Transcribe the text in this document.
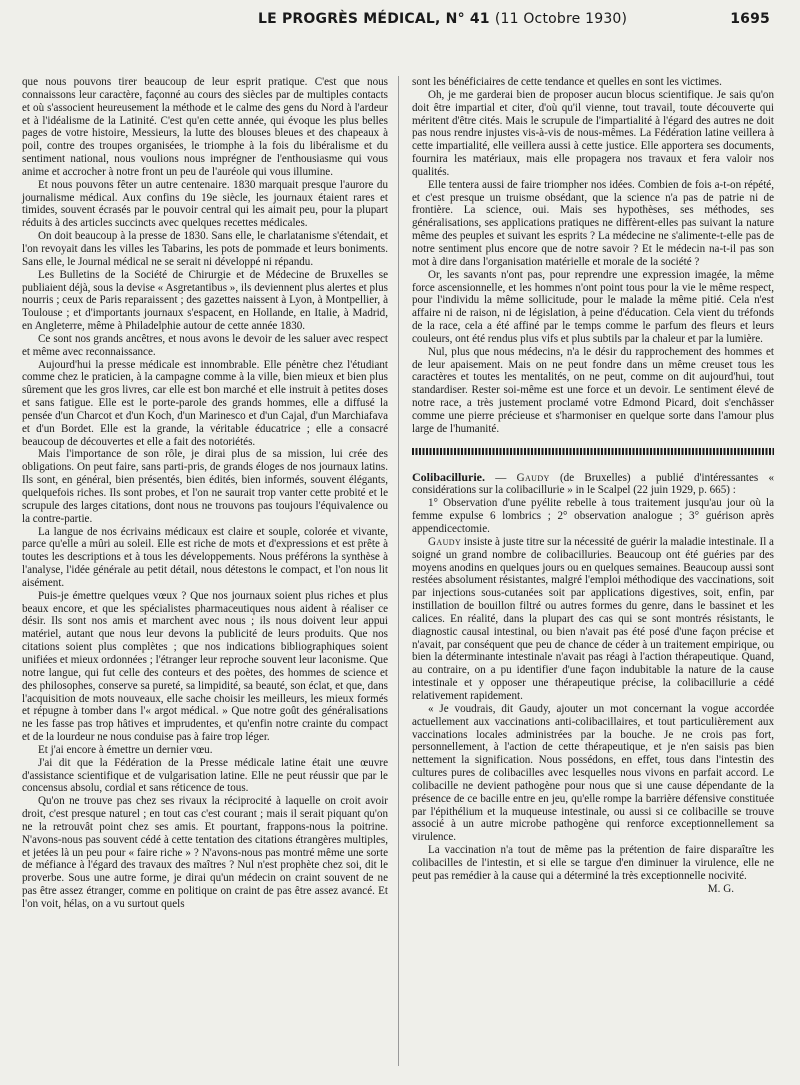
LE PROGRÈS MÉDICAL, N° 41 (11 Octobre 1930)	1695

que nous pouvons tirer beaucoup de leur esprit pratique. C'est que nous connaissons leur caractère, façonné au cours des siècles par de multiples contacts et où s'associent heureusement la méthode et le calme des gens du Nord à l'ardeur et à l'idéalisme de la Latinité. C'est qu'en cette année, qui évoque les plus belles pages de votre histoire, Messieurs, la lutte des blouses bleues et des chapeaux à poil, contre des troupes organisées, le triomphe à la fois du libéralisme et du sentiment national, nous voulions nous imprégner de l'enthousiasme qui vous anime et accrocher à notre front un peu de l'auréole qui vous illumine.

Et nous pouvons fêter un autre centenaire. 1830 marquait presque l'aurore du journalisme médical. Aux confins du 19e siècle, les journaux étaient rares et timides, souvent écrasés par le pouvoir central qui les aimait peu, pour la plupart réduits à des articles succincts avec quelques recettes médicales.

On doit beaucoup à la presse de 1830. Sans elle, le charlatanisme s'étendait, et l'on revoyait dans les villes les Tabarins, les pots de pommade et leurs boniments. Sans elle, le Journal médical ne se serait ni développé ni répandu.

Les Bulletins de la Société de Chirurgie et de Médecine de Bruxelles se publiaient déjà, sous la devise « Asgretantibus », ils deviennent plus alertes et plus nourris ; ceux de Paris reparaissent ; des gazettes naissent à Lyon, à Montpellier, à Toulouse ; et d'importants journaux s'espacent, en Hollande, en Italie, à Madrid, en Angleterre, même à Philadelphie autour de cette année 1830.

Ce sont nos grands ancêtres, et nous avons le devoir de les saluer avec respect et même avec reconnaissance.

Aujourd'hui la presse médicale est innombrable. Elle pénètre chez l'étudiant comme chez le praticien, à la campagne comme à la ville, bien mieux et bien plus sûrement que les gros livres, car elle est bon marché et elle instruit à petites doses et sans fatigue. Elle est le porte-parole des grands hommes, elle a diffusé la pensée d'un Charcot et d'un Koch, d'un Marinesco et d'un Cajal, d'un Marchiafava et d'un Bordet. Elle est la grande, la véritable éducatrice ; elle a consacré beaucoup de découvertes et elle a fait des notoriétés.

Mais l'importance de son rôle, je dirai plus de sa mission, lui crée des obligations. On peut faire, sans parti-pris, de grands éloges de nos journaux latins. Ils sont, en général, bien présentés, bien édités, bien informés, souvent élégants, quelquefois riches. Ils sont probes, et l'on ne saurait trop vanter cette probité et le scrupule des larges citations, dont nous ne trouvons pas toujours l'équivalence ou la contre-partie.

La langue de nos écrivains médicaux est claire et souple, colorée et vivante, parce qu'elle a mûri au soleil. Elle est riche de mots et d'expressions et est prête à toutes les descriptions et à tous les développements. Nous préférons la synthèse à l'analyse, l'idée générale au petit détail, nous détestons le compact, et l'on nous lit aisément.

Puis-je émettre quelques vœux ? Que nos journaux soient plus riches et plus beaux encore, et que les spécialistes pharmaceutiques nous aident à réaliser ce désir. Ils sont nos amis et marchent avec nous ; ils nous doivent leur appui matériel, autant que nous leur devons la publicité de leurs produits. Que nos citations soient plus complètes ; que nos indications bibliographiques soient unifiées et mieux ordonnées ; l'étranger leur reproche souvent leur laconisme. Que notre langue, qui fut celle des conteurs et des poètes, des hommes de science et des philosophes, conserve sa pureté, sa limpidité, sa beauté, son éclat, et que, dans l'acquisition de mots nouveaux, elle sache choisir les meilleurs, les mieux formés et répugne à tomber dans l'« argot médical. » Que notre goût des généralisations ne les fasse pas trop hâtives et imprudentes, et qu'enfin notre crainte du compact et de la lourdeur ne nous conduise pas à faire trop léger.

Et j'ai encore à émettre un dernier vœu.

J'ai dit que la Fédération de la Presse médicale latine était une œuvre d'assistance scientifique et de vulgarisation latine. Elle ne peut réussir que par le concensus absolu, cordial et sans réticence de tous.

Qu'on ne trouve pas chez ses rivaux la réciprocité à laquelle on croit avoir droit, c'est presque naturel ; en tout cas c'est courant ; mais il serait piquant qu'on ne la retrouvât point chez ses amis. Et pourtant, frappons-nous la poitrine. N'avons-nous pas souvent cédé à cette tentation des citations étrangères multiples, et jetées là un peu pour « faire riche » ? N'avons-nous pas montré même une sorte de méfiance à l'égard des travaux des maîtres ? Nul n'est prophète chez soi, dit le proverbe. Sous une autre forme, je dirai qu'un médecin on craint souvent de ne pas être assez étranger, comme en politique on craint de pas être assez avancé. Et l'on voit, hélas, on a vu surtout quels

sont les bénéficiaires de cette tendance et quelles en sont les victimes.

Oh, je me garderai bien de proposer aucun blocus scientifique. Je sais qu'on doit être impartial et citer, d'où qu'il vienne, tout travail, toute découverte qui méritent d'être cités. Mais le scrupule de l'impartialité à l'égard des autres ne doit pas nous rendre injustes vis-à-vis de nous-mêmes. La Fédération latine veillera à cette impartialité, elle veillera aussi à cette justice. Elle apportera ses documents, fournira les matériaux, mais elle propagera nos travaux et fera valoir nos qualités.

Elle tentera aussi de faire triompher nos idées. Combien de fois a-t-on répété, et c'est presque un truisme obsédant, que la science n'a pas de patrie ni de frontière. La science, oui. Mais ses hypothèses, ses méthodes, ses généralisations, ses applications pratiques ne diffèrent-elles pas suivant la nature même des peuples et suivant les esprits ? La médecine ne s'alimente-t-elle pas de notre sentiment plus encore que de notre savoir ? Et le médecin na-t-il pas son mot à dire dans l'organisation matérielle et morale de la société ?

Or, les savants n'ont pas, pour reprendre une expression imagée, la même force ascensionnelle, et les hommes n'ont point tous pour la vie le même respect, pour l'individu la même sollicitude, pour le malade la même pitié. Cela n'est affaire ni de raison, ni de législation, à peine d'éducation. Cela vient du tréfonds de la race, cela a été affiné par le temps comme le parfum des fleurs et leurs couleurs, ont été rendus plus vifs et plus subtils par la chaleur et par la lumière.

Nul, plus que nous médecins, n'a le désir du rapprochement des hommes et de leur apaisement. Mais on ne peut fondre dans un même creuset tous les caractères et toutes les mentalités, on ne peut, comme on dit aujourd'hui, tout standardiser. Rester soi-même est une force et un devoir. Le sentiment élevé de notre race, a très justement proclamé votre Edmond Picard, doit s'enchâsser comme une pierre précieuse et s'harmoniser en quelque sorte dans l'amour plus large de l'humanité.

Colibacillurie. — Gaudy (de Bruxelles) a publié d'intéressantes « considérations sur la colibacillurie » in le Scalpel (22 juin 1929, p. 665) :

1° Observation d'une pyélite rebelle à tous traitement jusqu'au jour où la femme expulse 6 lombrics ; 2° observation analogue ; 3° guérison après appendicectomie.

Gaudy insiste à juste titre sur la nécessité de guérir la maladie intestinale. Il a soigné un grand nombre de colibacilluries. Beaucoup ont été guéries par des moyens anodins en quelques jours ou en quelques semaines. Beaucoup aussi sont restées absolument résistantes, malgré l'emploi méthodique des vaccinations, soit par injections sous-cutanées soit par applications digestives, soit, enfin, par instillation de bouillon filtré ou autres formes du genre, dans le bassinet et les calices. En réalité, dans la plupart des cas qui se sont montrés résistants, le diagnostic causal intestinal, ou bien n'avait pas été posé d'une façon précise et n'avait, par conséquent que peu de chance de céder à un traitement empirique, ou bien la déterminante intestinale n'avait pas réagi à l'action thérapeutique. Quand, au contraire, on a pu identifier d'une façon indubitable la nature de la cause intestinale et y opposer une thérapeutique précise, la colibacillurie a cédé relativement rapidement.

« Je voudrais, dit Gaudy, ajouter un mot concernant la vogue accordée actuellement aux vaccinations anti-colibacillaires, et tout particulièrement aux vaccinations locales administrées par la bouche. Je ne crois pas fort, personnellement, à l'action de cette thérapeutique, et je n'en saisis pas bien nettement la signification. Nous possédons, en effet, tous dans l'intestin des cultures pures de colibacilles avec lesquelles nous vivons en parfait accord. Le colibacille ne devient pathogène pour nous que si une cause dépendante de la présence de ce bacille entre en jeu, qu'elle rompe la barrière défensive constituée par l'épithélium et la muqueuse intestinale, ou aussi si ce colibacille se trouve associé à un autre microbe pathogène qui renforce exceptionnellement sa virulence.

La vaccination n'a tout de même pas la prétention de faire disparaître les colibacilles de l'intestin, et si elle se targue d'en diminuer la virulence, elle ne peut pas remédier à la cause qui a déterminé la très exceptionnelle nocivité.

M. G.
